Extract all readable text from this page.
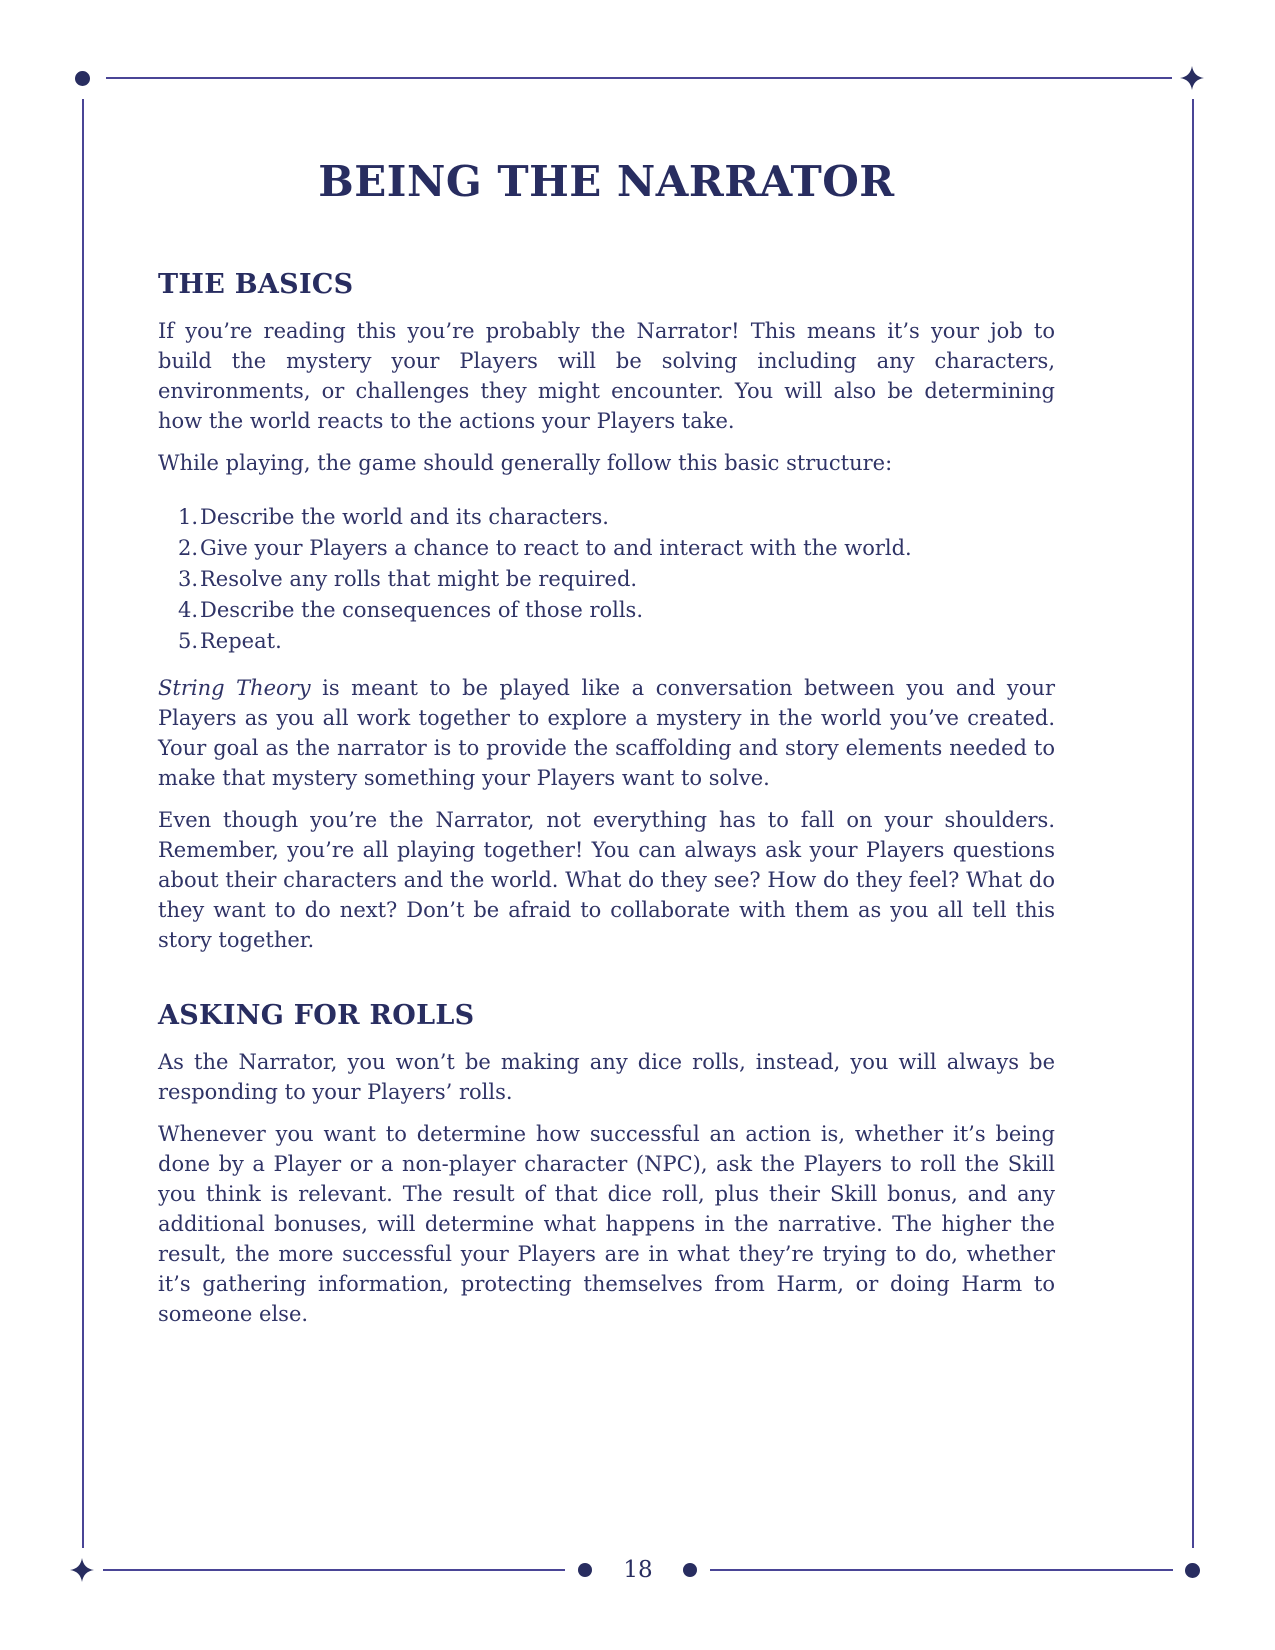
BEING THE NARRATOR
THE BASICS

If you’re reading this you’re probably the Narrator! This means it’s your job to build the mystery your Players will be solving including any characters, environments, or challenges they might encounter. You will also be determining how the world reacts to the actions your Players take.

While playing, the game should generally follow this basic structure:

1. Describe the world and its characters.
2. Give your Players a chance to react to and interact with the world.
3. Resolve any rolls that might be required.
4. Describe the consequences of those rolls.
5. Repeat.

String Theory is meant to be played like a conversation between you and your Players as you all work together to explore a mystery in the world you’ve created. Your goal as the narrator is to provide the scaffolding and story elements needed to make that mystery something your Players want to solve.

Even though you’re the Narrator, not everything has to fall on your shoulders. Remember, you’re all playing together! You can always ask your Players questions about their characters and the world. What do they see? How do they feel? What do they want to do next? Don’t be afraid to collaborate with them as you all tell this story together.

ASKING FOR ROLLS

As the Narrator, you won’t be making any dice rolls, instead, you will always be responding to your Players’ rolls.

Whenever you want to determine how successful an action is, whether it’s being done by a Player or a non-player character (NPC), ask the Players to roll the Skill you think is relevant. The result of that dice roll, plus their Skill bonus, and any additional bonuses, will determine what happens in the narrative. The higher the result, the more successful your Players are in what they’re trying to do, whether it’s gathering information, protecting themselves from Harm, or doing Harm to someone else.

18
